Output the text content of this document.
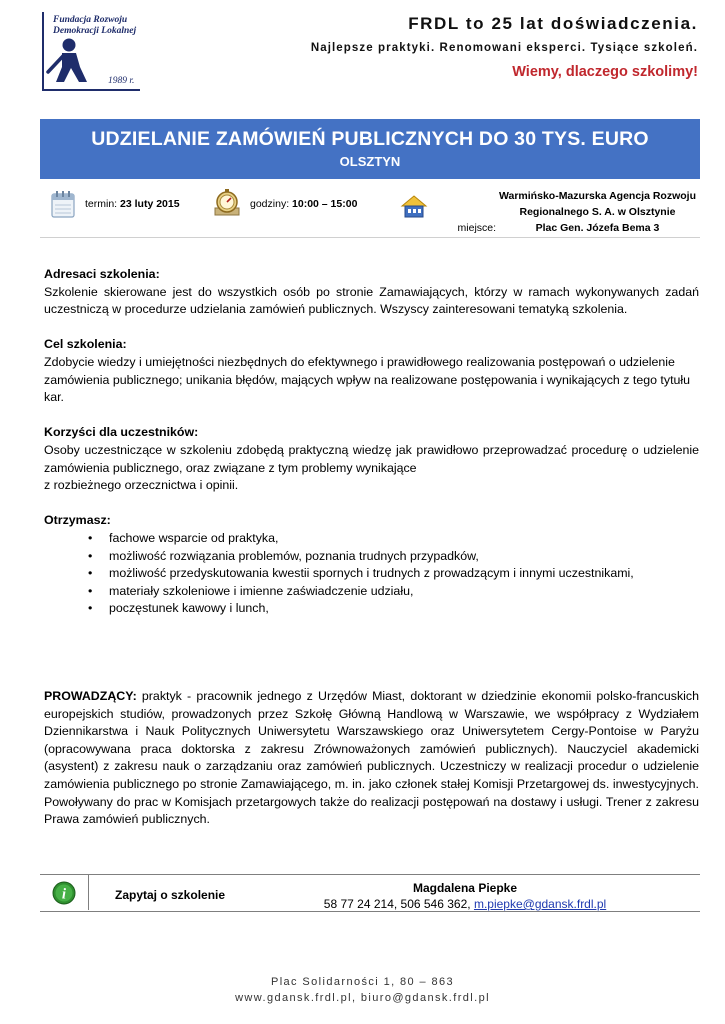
Fundacja Rozwoju
Demokracji Lokalnej
1989 r.
FRDL to 25 lat doświadczenia.
Najlepsze praktyki. Renomowani eksperci. Tysiące szkoleń.
Wiemy, dlaczego szkolimy!
UDZIELANIE ZAMÓWIEŃ PUBLICZNYCH DO 30 TYS. EURO
OLSZTYN
termin: 23 luty 2015	godziny: 10:00 – 15:00
miejsce: Warmińsko-Mazurska Agencja Rozwoju
Regionalnego S. A. w Olsztynie
Plac Gen. Józefa Bema 3
Adresaci szkolenia:

Szkolenie skierowane jest do wszystkich osób po stronie Zamawiających, którzy w ramach wykonywanych zadań uczestniczą w procedurze udzielania zamówień publicznych. Wszyscy zainteresowani tematyką szkolenia.

Cel szkolenia:

Zdobycie wiedzy i umiejętności niezbędnych do efektywnego i prawidłowego realizowania postępowań o udzielenie zamówienia publicznego; unikania błędów, mających wpływ na realizowane postępowania i wynikających z tego tytułu kar.

Korzyści dla uczestników:

Osoby uczestniczące w szkoleniu zdobędą praktyczną wiedzę jak prawidłowo przeprowadzać procedurę o udzielenie zamówienia publicznego, oraz związane z tym problemy wynikające

z rozbieżnego orzecznictwa i opinii.

Otrzymasz:
• fachowe wsparcie od praktyka,
• możliwość rozwiązania problemów, poznania trudnych przypadków,
• możliwość przedyskutowania kwestii spornych i trudnych z prowadzącym i innymi uczestnikami,
• materiały szkoleniowe i imienne zaświadczenie udziału,
• poczęstunek kawowy i lunch,

PROWADZĄCY: praktyk - pracownik jednego z Urzędów Miast, doktorant w dziedzinie ekonomii polsko-francuskich europejskich studiów, prowadzonych przez Szkołę Główną Handlową w Warszawie, we współpracy z Wydziałem Dziennikarstwa i Nauk Politycznych Uniwersytetu Warszawskiego oraz Uniwersytetem Cergy-Pontoise w Paryżu (opracowywana praca doktorska z zakresu Zrównoważonych zamówień publicznych). Nauczyciel akademicki (asystent) z zakresu nauk o zarządzaniu oraz zamówień publicznych. Uczestniczy w realizacji procedur o udzielenie zamówienia publicznego po stronie Zamawiającego, m. in. jako członek stałej Komisji Przetargowej ds. inwestycyjnych. Powoływany do prac w Komisjach przetargowych także do realizacji postępowań na dostawy i usługi. Trener z zakresu Prawa zamówień publicznych.

i	Zapytaj o szkolenie	Magdalena Piepke
58 77 24 214, 506 546 362, m.piepke@gdansk.frdl.pl
Plac Solidarności 1, 80 – 863
www.gdansk.frdl.pl, biuro@gdansk.frdl.pl
